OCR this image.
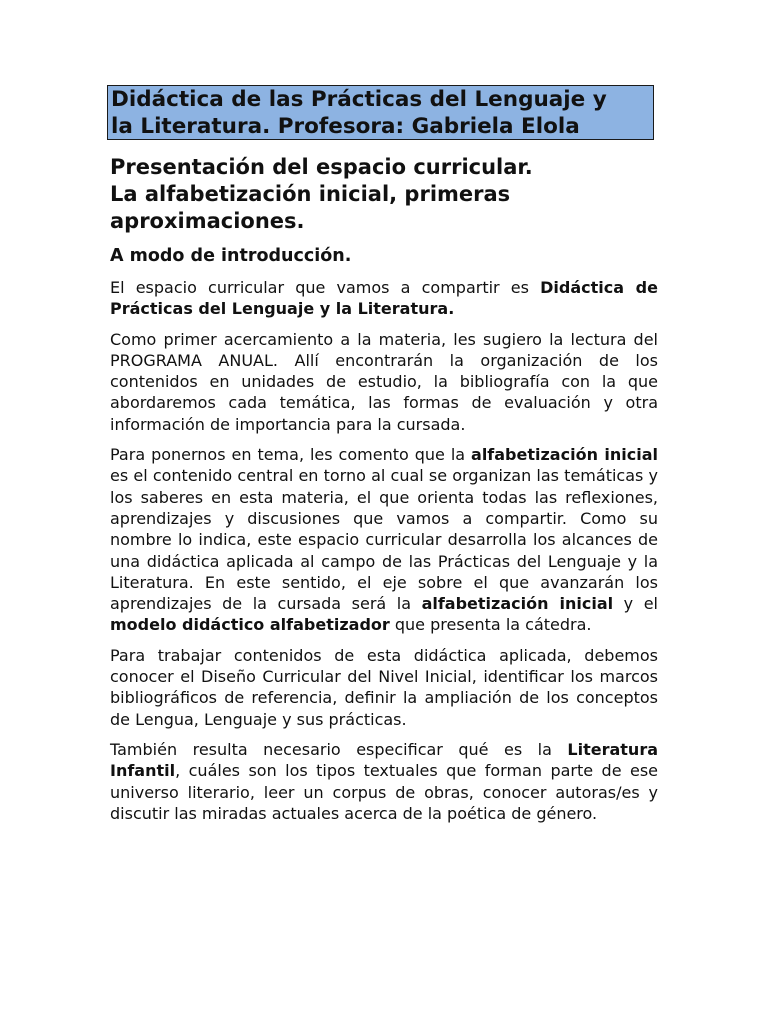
Didáctica de las Prácticas del Lenguaje y
la Literatura. Profesora: Gabriela Elola
Presentación del espacio curricular.
La alfabetización inicial, primeras
aproximaciones.
A modo de introducción.

El espacio curricular que vamos a compartir es Didáctica de Prácticas del Lenguaje y la Literatura.

Como primer acercamiento a la materia, les sugiero la lectura del PROGRAMA ANUAL. Allí encontrarán la organización de los contenidos en unidades de estudio, la bibliografía con la que abordaremos cada temática, las formas de evaluación y otra información de importancia para la cursada.

Para ponernos en tema, les comento que la alfabetización inicial es el contenido central en torno al cual se organizan las temáticas y los saberes en esta materia, el que orienta todas las reflexiones, aprendizajes y discusiones que vamos a compartir. Como su nombre lo indica, este espacio curricular desarrolla los alcances de una didáctica aplicada al campo de las Prácticas del Lenguaje y la Literatura. En este sentido, el eje sobre el que avanzarán los aprendizajes de la cursada será la alfabetización inicial y el modelo didáctico alfabetizador que presenta la cátedra.

Para trabajar contenidos de esta didáctica aplicada, debemos conocer el Diseño Curricular del Nivel Inicial, identificar los marcos bibliográficos de referencia, definir la ampliación de los conceptos de Lengua, Lenguaje y sus prácticas.

También resulta necesario especificar qué es la Literatura Infantil, cuáles son los tipos textuales que forman parte de ese universo literario, leer un corpus de obras, conocer autoras/es y discutir las miradas actuales acerca de la poética de género.
